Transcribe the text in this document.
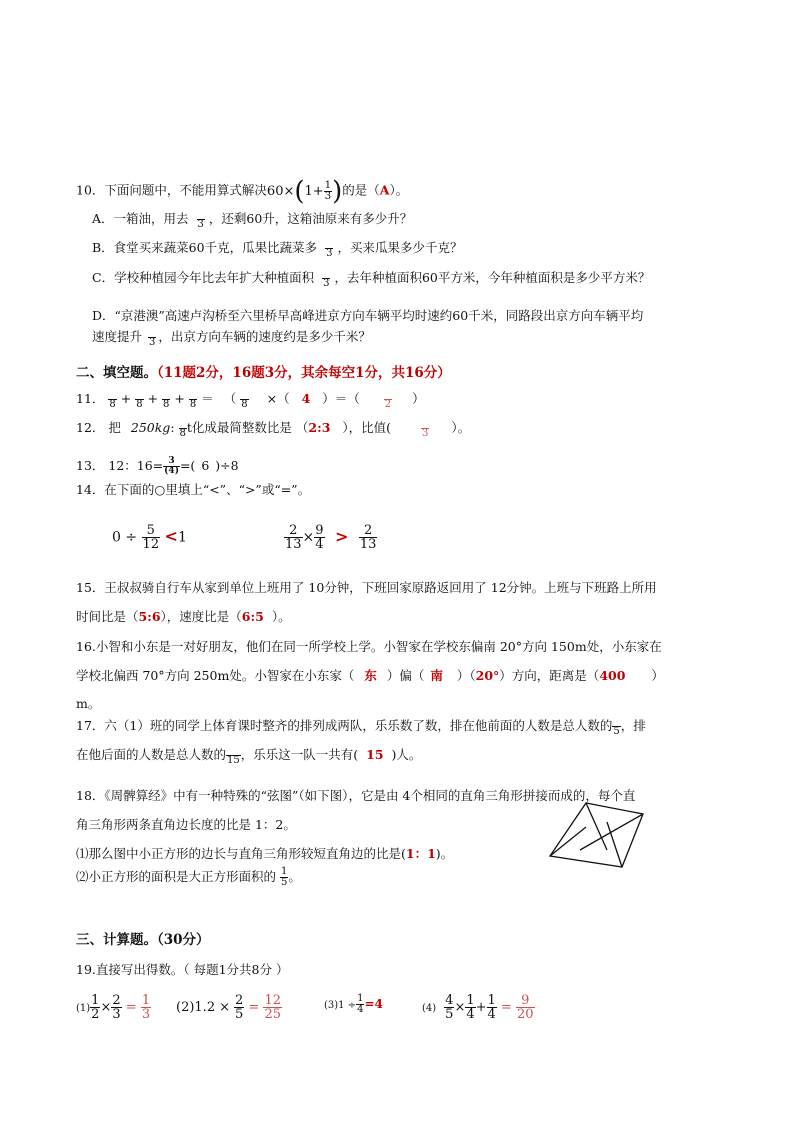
10．下面问题中，不能用算式解决$60\times(1+ \frac{1}{3}$ )的是（A）。
A．一箱油，用去
3 ，还剩60升，这箱油原来有多少升？
B．食堂买来蔬菜60千克，瓜果比蔬菜多
3 ，买来瓜果多少千克？
C．学校种植园今年比去年扩大种植面积
3 ，去年种植面积60平方米，今年种植面积是多少平方米？
D．“京港澳”高速卢沟桥至六里桥早高峰进京方向车辆平均时速约60千米，同路段出京方向车辆平均
速度提升
3 ，出京方向车辆的速度约是多少千米？
二、填空题。（11题2分，16题3分，其余每空1分，共16分）
11．
8 +
8 +
8 +
8 ＝ （
8 ×（ 4 ）＝（
2 ）
12． 把 250kg:
8 t化成最简整数比是 （2:3 ），比值(
	3 ）。
13． 12：$16= \frac{3}{(4)}$ =( 6 )÷8
14．在下面的○里填上“<”、“>”或“=”。
$0 \div \frac{5}{12} <1$	$\frac{2}{13} \times \frac{9}{4} > \frac{2}{13}$
15．王叔叔骑自行车从家到单位上班用了 10分钟，下班回家原路返回用了 12分钟。上班与下班路上所用
时间比是（5:6），速度比是（6:5 ）。
16.小智和小东是一对好朋友，他们在同一所学校上学。小智家在学校东偏南 20°方向 150m处，小东家在
学校北偏西 70°方向 250m处。小智家在小东家（ 东 ）偏（ 南 ）（20°）方向，距离是（400 ）
m。
17．六（1）班的同学上体育课时整齐的排列成两队，乐乐数了数，排在他前面的人数是总人数的
5 ，排
在他后面的人数是总人数的
15 ，乐乐这一队一共有( 15 )人。
18．《周髀算经》中有一种特殊的“弦图”（如下图），它是由 4个相同的直角三角形拼接而成的，每个直
角三角形两条直角边长度的比是 1：2。
⑴那么图中小正方形的边长与直角三角形较短直角边的比是(1：1)。
⑵小正方形的面积是大正方形面积的 $\frac{1}{5}$ 。
三、计算题。（30分）
19.直接写出得数。（ 每题1分共8分 ）
$(1) \frac{1}{2} \times \frac{2}{3} = \frac{1}{3} (2)1.2 \times \frac{2}{5} = \frac{12}{25}$	$(3)1 \div \frac{1}{4} =4$	$(4) \frac{4}{5} \times \frac{1}{4} + \frac{1}{4} = \frac{9}{20}$
